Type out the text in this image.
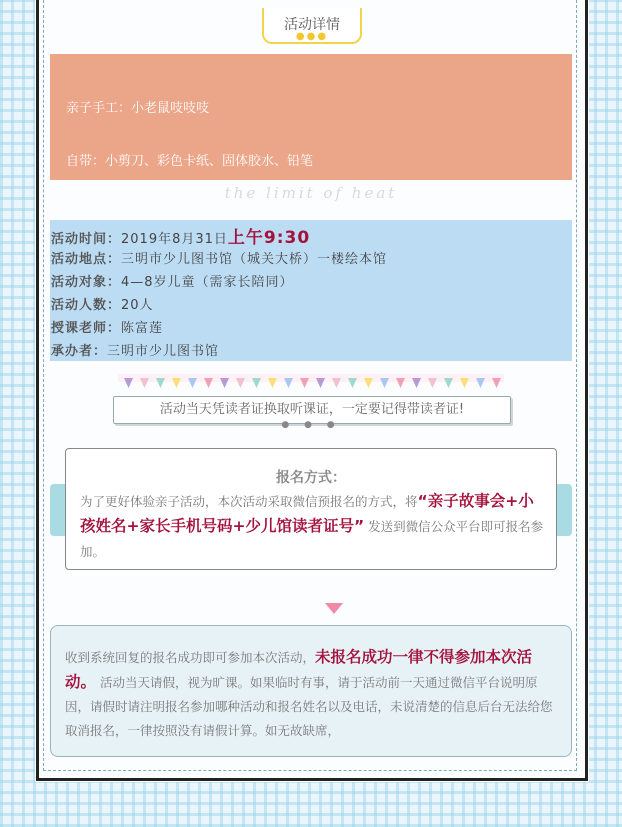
活动详情
●●●
亲子手工：小老鼠吱吱吱
自带：小剪刀、彩色卡纸、固体胶水、铅笔
the limit of heat
活动时间：2019年8月31日上午9:30
活动地点：三明市少儿图书馆（城关大桥）一楼绘本馆
活动对象：4—8岁儿童（需家长陪同）
活动人数：20人
授课老师：陈富莲
承办者：三明市少儿图书馆
活动当天凭读者证换取听课证，一定要记得带读者证!
● ● ●
报名方式：
为了更好体验亲子活动，本次活动采取微信预报名的方式，将“亲子故事会+小孩姓名+家长手机号码+少儿馆读者证号” 发送到微信公众平台即可报名参加。
收到系统回复的报名成功即可参加本次活动，未报名成功一律不得参加本次活动。 活动当天请假，视为旷课。如果临时有事，请于活动前一天通过微信平台说明原因，请假时请注明报名参加哪种活动和报名姓名以及电话，未说清楚的信息后台无法给您取消报名，一律按照没有请假计算。如无故缺席，
